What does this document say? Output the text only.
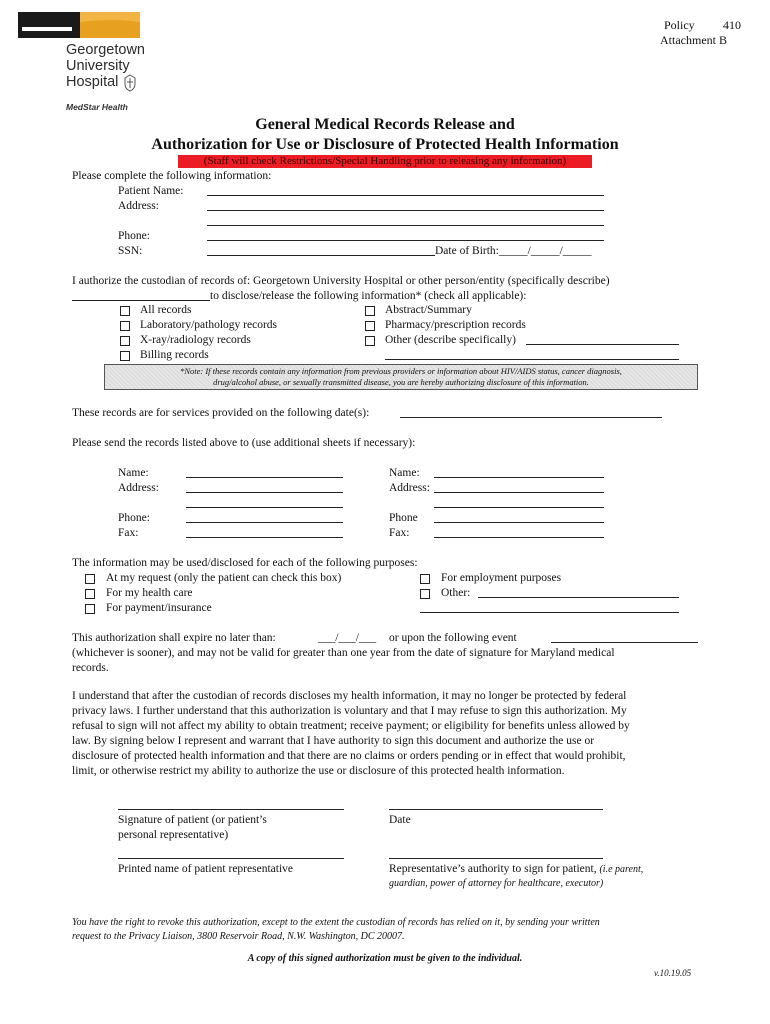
Georgetown
University
Hospital
MedStar Health
Policy 410
Attachment B
General Medical Records Release and
Authorization for Use or Disclosure of Protected Health Information
(Staff will check Restrictions/Special Handling prior to releasing any information)
Please complete the following information:
Patient Name:
Address:
Phone:
SSN:	Date of Birth:_____/_____/_____
I authorize the custodian of records of: Georgetown University Hospital or other person/entity (specifically describe)
to disclose/release the following information* (check all applicable):
All records
Laboratory/pathology records
X-ray/radiology records
Billing records
Abstract/Summary
Pharmacy/prescription records
Other (describe specifically)
*Note: If these records contain any information from previous providers or information about HIV/AIDS status, cancer diagnosis,
drug/alcohol abuse, or sexually transmitted disease, you are hereby authorizing disclosure of this information.
These records are for services provided on the following date(s):
Please send the records listed above to (use additional sheets if necessary):
Name:
Address:
Phone:
Fax:
Name:
Address:
Phone
Fax:
The information may be used/disclosed for each of the following purposes:
At my request (only the patient can check this box)
For my health care
For payment/insurance
For employment purposes
Other:
This authorization shall expire no later than:	___/___/___ or upon the following event
(whichever is sooner), and may not be valid for greater than one year from the date of signature for Maryland medical
records.
I understand that after the custodian of records discloses my health information, it may no longer be protected by federal
privacy laws. I further understand that this authorization is voluntary and that I may refuse to sign this authorization. My
refusal to sign will not affect my ability to obtain treatment; receive payment; or eligibility for benefits unless allowed by
law. By signing below I represent and warrant that I have authority to sign this document and authorize the use or
disclosure of protected health information and that there are no claims or orders pending or in effect that would prohibit,
limit, or otherwise restrict my ability to authorize the use or disclosure of this protected health information.
Signature of patient (or patient’s
personal representative)
Date
Printed name of patient representative	Representative’s authority to sign for patient, (i.e parent,
guardian, power of attorney for healthcare, executor)
You have the right to revoke this authorization, except to the extent the custodian of records has relied on it, by sending your written
request to the Privacy Liaison, 3800 Reservoir Road, N.W. Washington, DC 20007.
A copy of this signed authorization must be given to the individual.
v.10.19.05
